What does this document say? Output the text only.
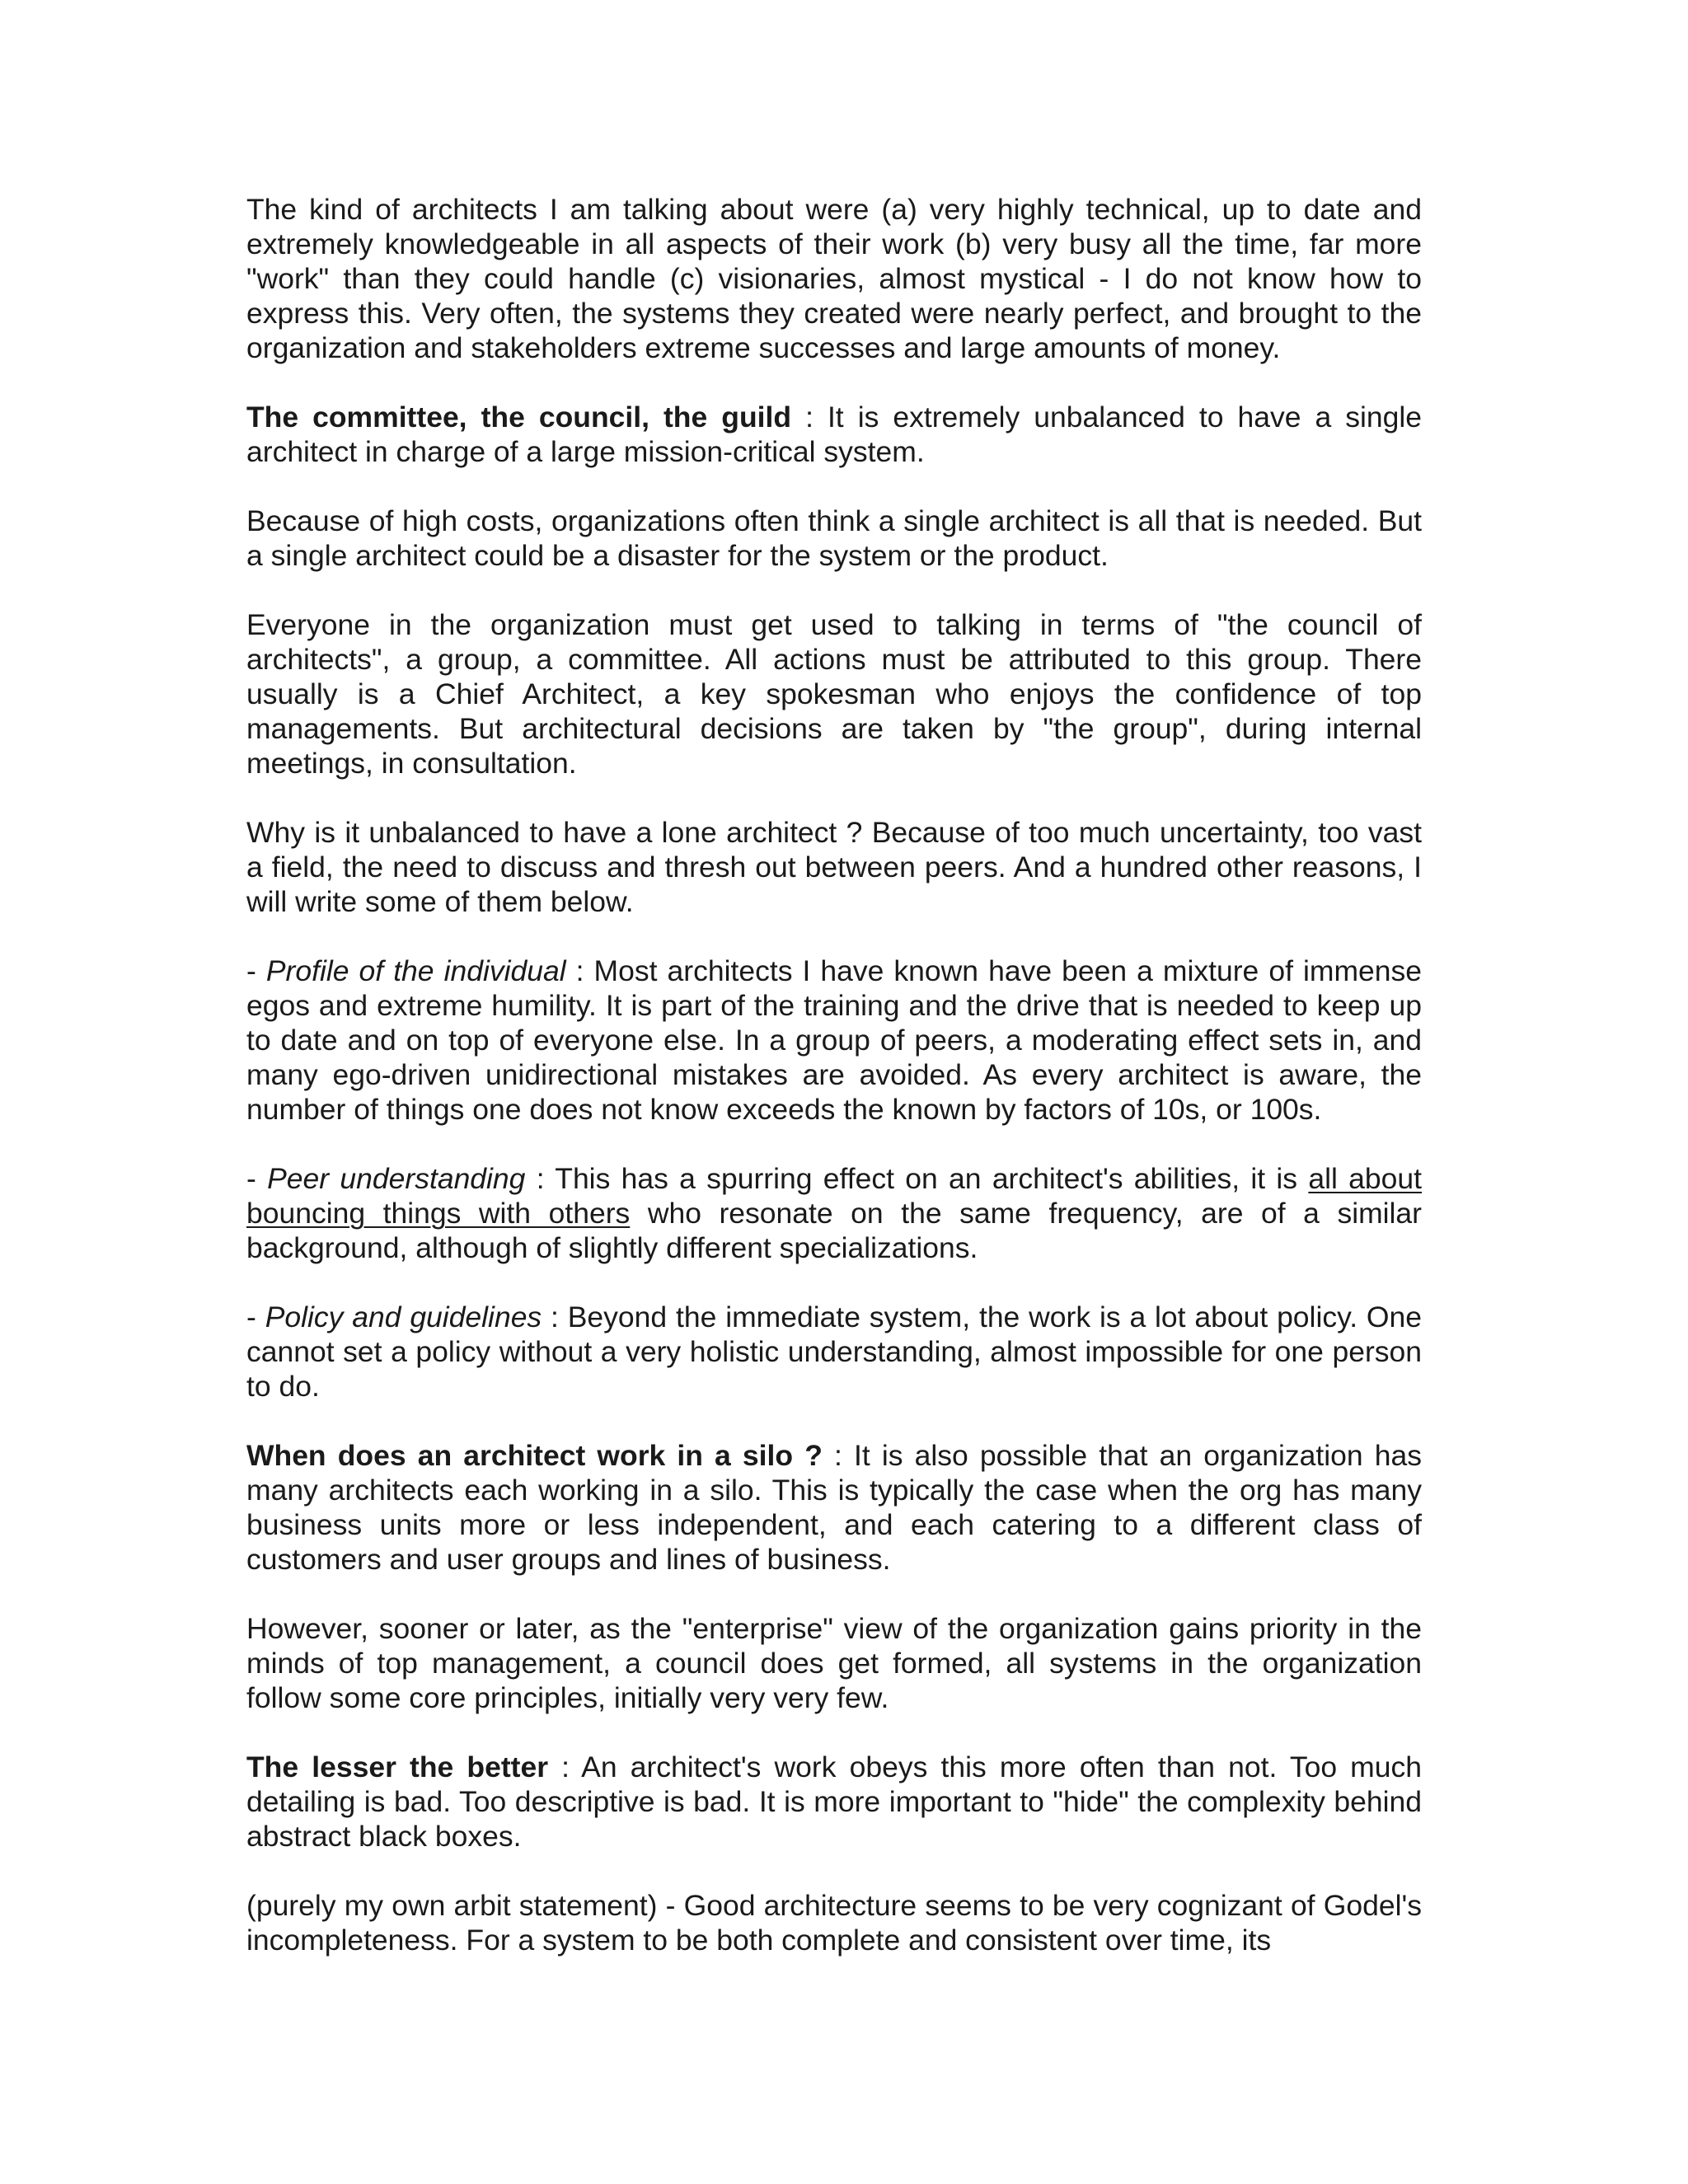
The kind of architects I am talking about were (a) very highly technical, up to date and extremely knowledgeable in all aspects of their work (b) very busy all the time, far more "work" than they could handle (c) visionaries, almost mystical - I do not know how to express this. Very often, the systems they created were nearly perfect, and brought to the organization and stakeholders extreme successes and large amounts of money.

The committee, the council, the guild : It is extremely unbalanced to have a single architect in charge of a large mission-critical system.

Because of high costs, organizations often think a single architect is all that is needed. But a single architect could be a disaster for the system or the product.

Everyone in the organization must get used to talking in terms of "the council of architects", a group, a committee. All actions must be attributed to this group. There usually is a Chief Architect, a key spokesman who enjoys the confidence of top managements. But architectural decisions are taken by "the group", during internal meetings, in consultation.

Why is it unbalanced to have a lone architect ? Because of too much uncertainty, too vast a field, the need to discuss and thresh out between peers. And a hundred other reasons, I will write some of them below.

- Profile of the individual : Most architects I have known have been a mixture of immense egos and extreme humility. It is part of the training and the drive that is needed to keep up to date and on top of everyone else. In a group of peers, a moderating effect sets in, and many ego-driven unidirectional mistakes are avoided. As every architect is aware, the number of things one does not know exceeds the known by factors of 10s, or 100s.

- Peer understanding : This has a spurring effect on an architect's abilities, it is all about bouncing things with others who resonate on the same frequency, are of a similar background, although of slightly different specializations.

- Policy and guidelines : Beyond the immediate system, the work is a lot about policy. One cannot set a policy without a very holistic understanding, almost impossible for one person to do.

When does an architect work in a silo ? : It is also possible that an organization has many architects each working in a silo. This is typically the case when the org has many business units more or less independent, and each catering to a different class of customers and user groups and lines of business.

However, sooner or later, as the "enterprise" view of the organization gains priority in the minds of top management, a council does get formed, all systems in the organization follow some core principles, initially very very few.

The lesser the better : An architect's work obeys this more often than not. Too much detailing is bad. Too descriptive is bad. It is more important to "hide" the complexity behind abstract black boxes.

(purely my own arbit statement) - Good architecture seems to be very cognizant of Godel's incompleteness. For a system to be both complete and consistent over time, its
